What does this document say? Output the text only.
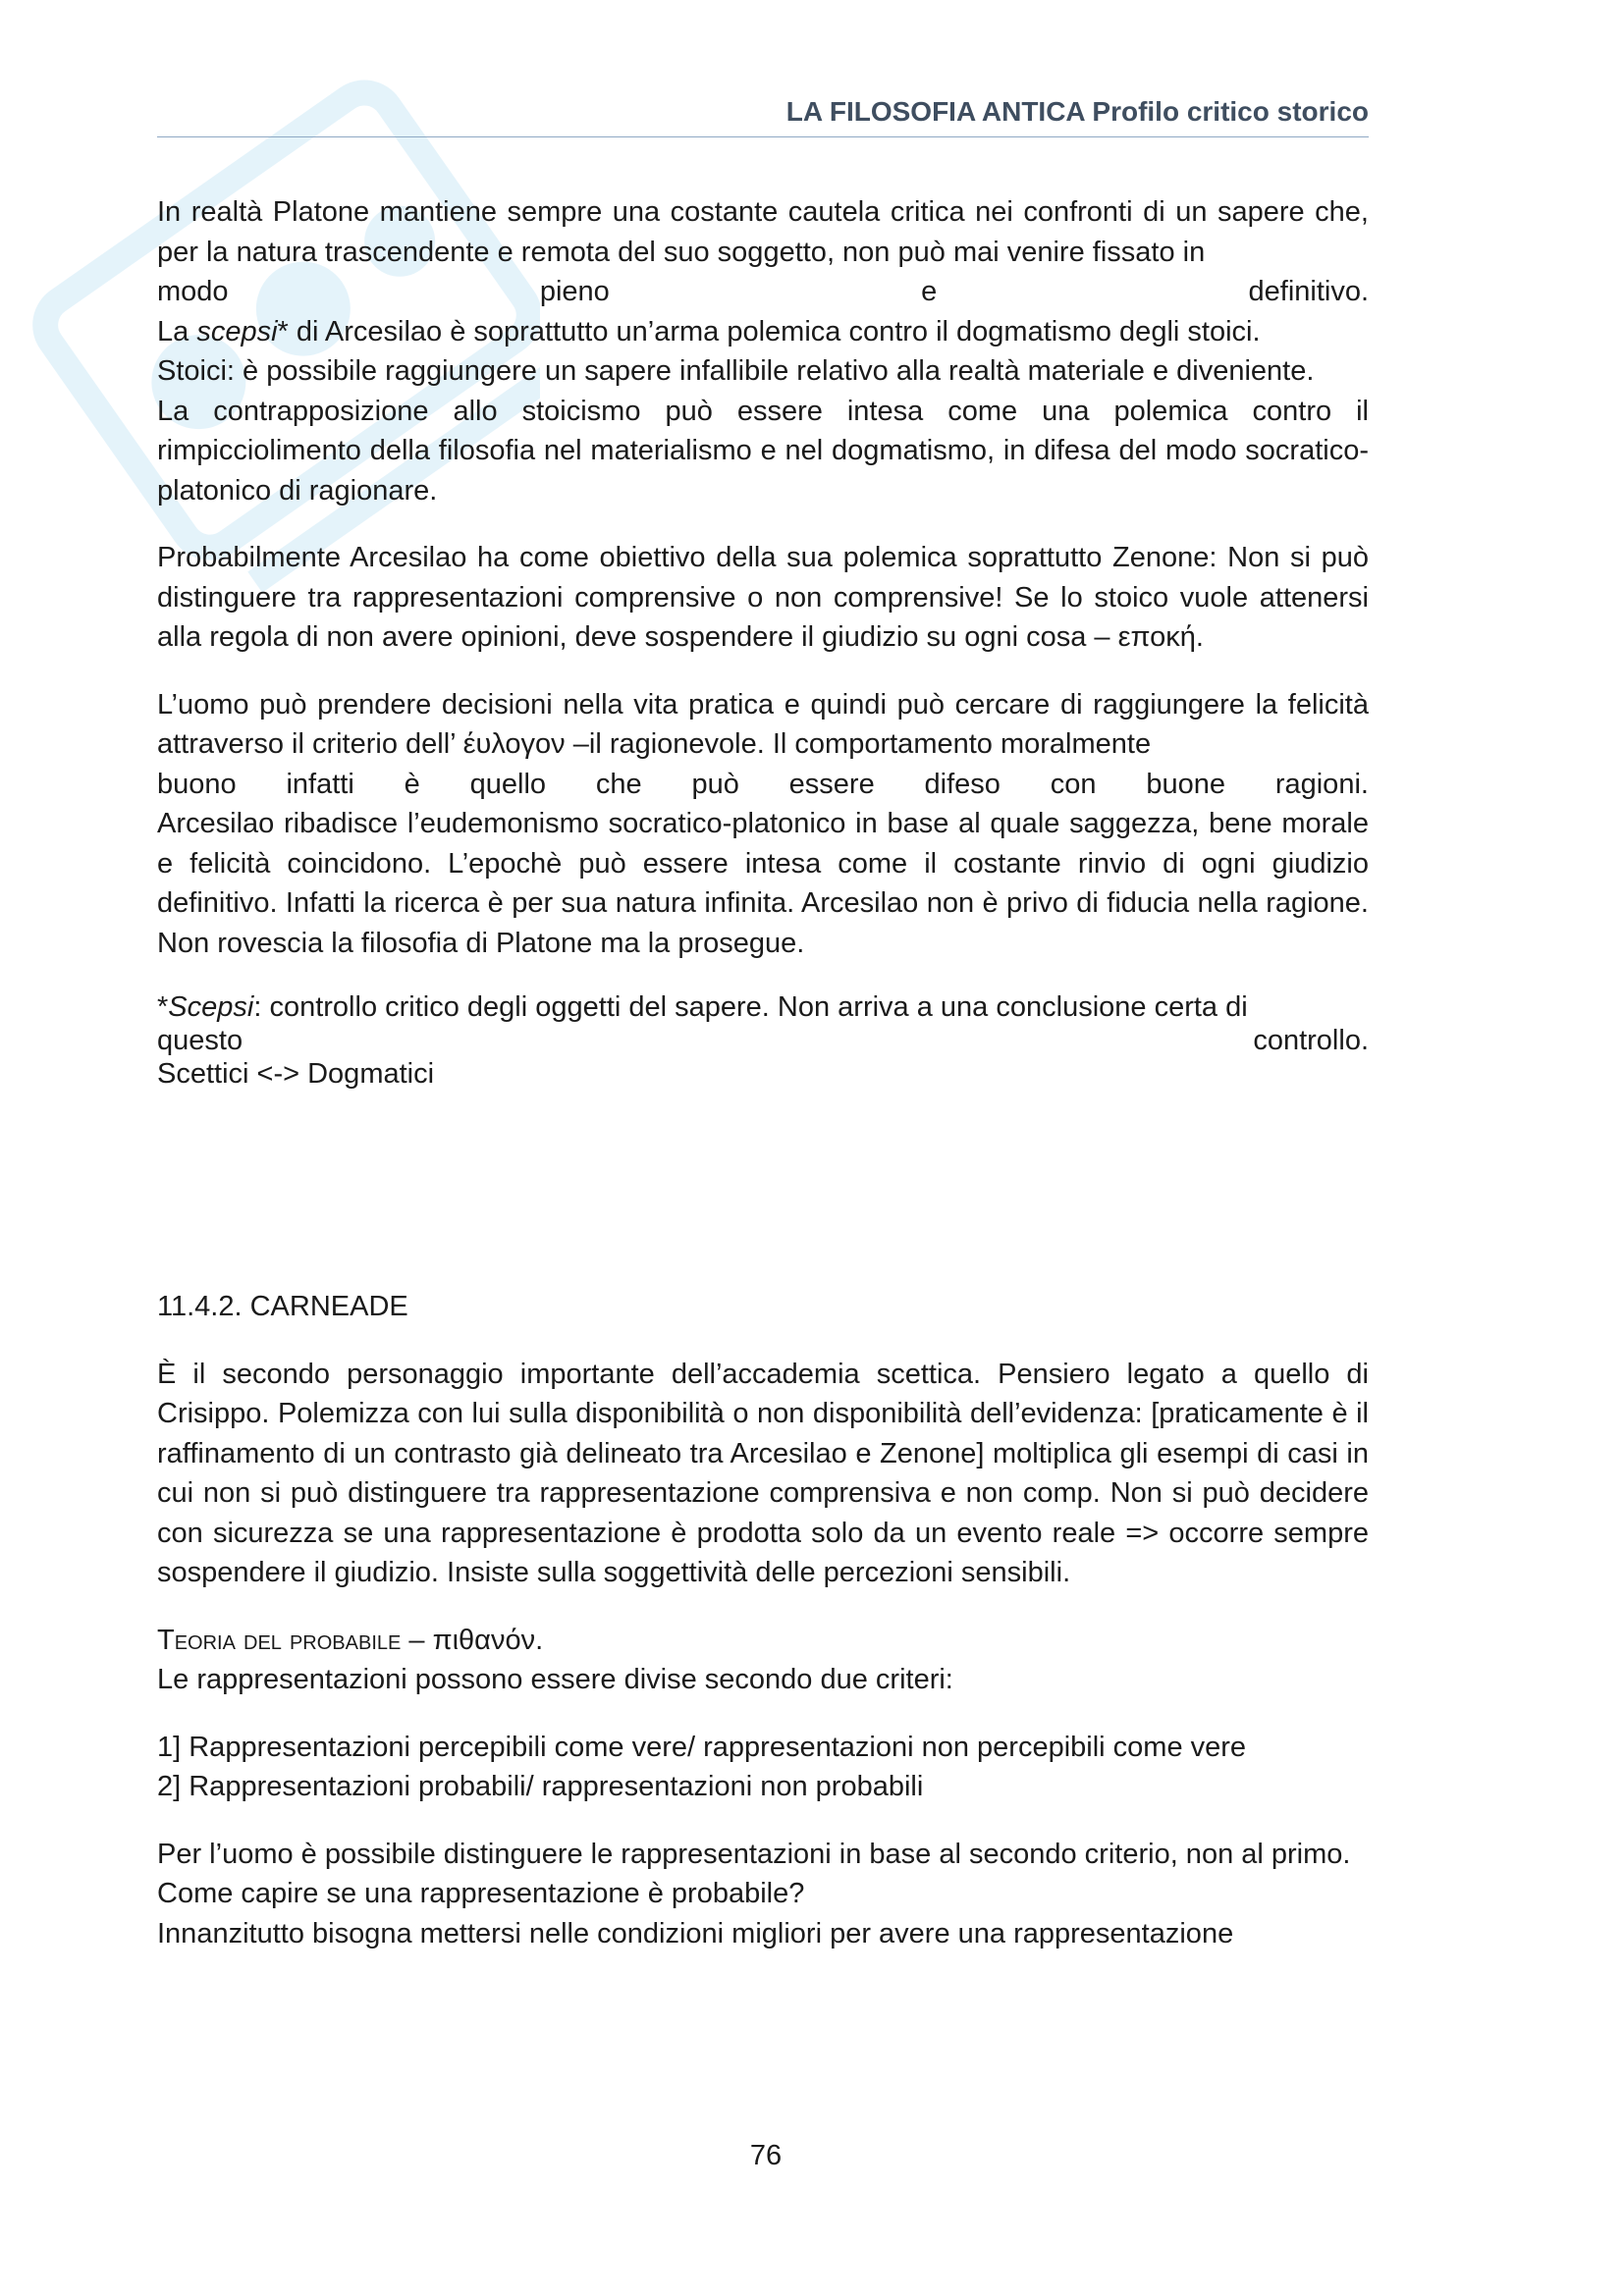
LA FILOSOFIA ANTICA Profilo critico storico

In realtà Platone mantiene sempre una costante cautela critica nei confronti di un sapere che, per la natura trascendente e remota del suo soggetto, non può mai venire fissato in

modo	pieno	e	definitivo.

La scepsi* di Arcesilao è soprattutto un’arma polemica contro il dogmatismo degli stoici.

Stoici: è possibile raggiungere un sapere infallibile relativo alla realtà materiale e diveniente.

La contrapposizione allo stoicismo può essere intesa come una polemica contro il rimpicciolimento della filosofia nel materialismo e nel dogmatismo, in difesa del modo socratico-platonico di ragionare.

Probabilmente Arcesilao ha come obiettivo della sua polemica soprattutto Zenone: Non si può distinguere tra rappresentazioni comprensive o non comprensive! Se lo stoico vuole attenersi alla regola di non avere opinioni, deve sospendere il giudizio su ogni cosa – εποκή.

L’uomo può prendere decisioni nella vita pratica e quindi può cercare di raggiungere la felicità attraverso il criterio dell’ έυλογον –il ragionevole. Il comportamento moralmente

buono infatti è quello che può essere difeso con buone ragioni.

Arcesilao ribadisce l’eudemonismo socratico-platonico in base al quale saggezza, bene morale e felicità coincidono. L’epochè può essere intesa come il costante rinvio di ogni giudizio definitivo. Infatti la ricerca è per sua natura infinita. Arcesilao non è privo di fiducia nella ragione. Non rovescia la filosofia di Platone ma la prosegue.

*Scepsi: controllo critico degli oggetti del sapere. Non arriva a una conclusione certa di

questo	controllo.

Scettici <-> Dogmatici

11.4.2. CARNEADE

È il secondo personaggio importante dell’accademia scettica. Pensiero legato a quello di Crisippo. Polemizza con lui sulla disponibilità o non disponibilità dell’evidenza: [praticamente è il raffinamento di un contrasto già delineato tra Arcesilao e Zenone] moltiplica gli esempi di casi in cui non si può distinguere tra rappresentazione comprensiva e non comp. Non si può decidere con sicurezza se una rappresentazione è prodotta solo da un evento reale => occorre sempre sospendere il giudizio. Insiste sulla soggettività delle percezioni sensibili.

Teoria del probabile – πιθανόν.

Le rappresentazioni possono essere divise secondo due criteri:

1] Rappresentazioni percepibili come vere/ rappresentazioni non percepibili come vere

2] Rappresentazioni probabili/ rappresentazioni non probabili

Per l’uomo è possibile distinguere le rappresentazioni in base al secondo criterio, non al primo.

Come capire se una rappresentazione è probabile?

Innanzitutto bisogna mettersi nelle condizioni migliori per avere una rappresentazione

76
